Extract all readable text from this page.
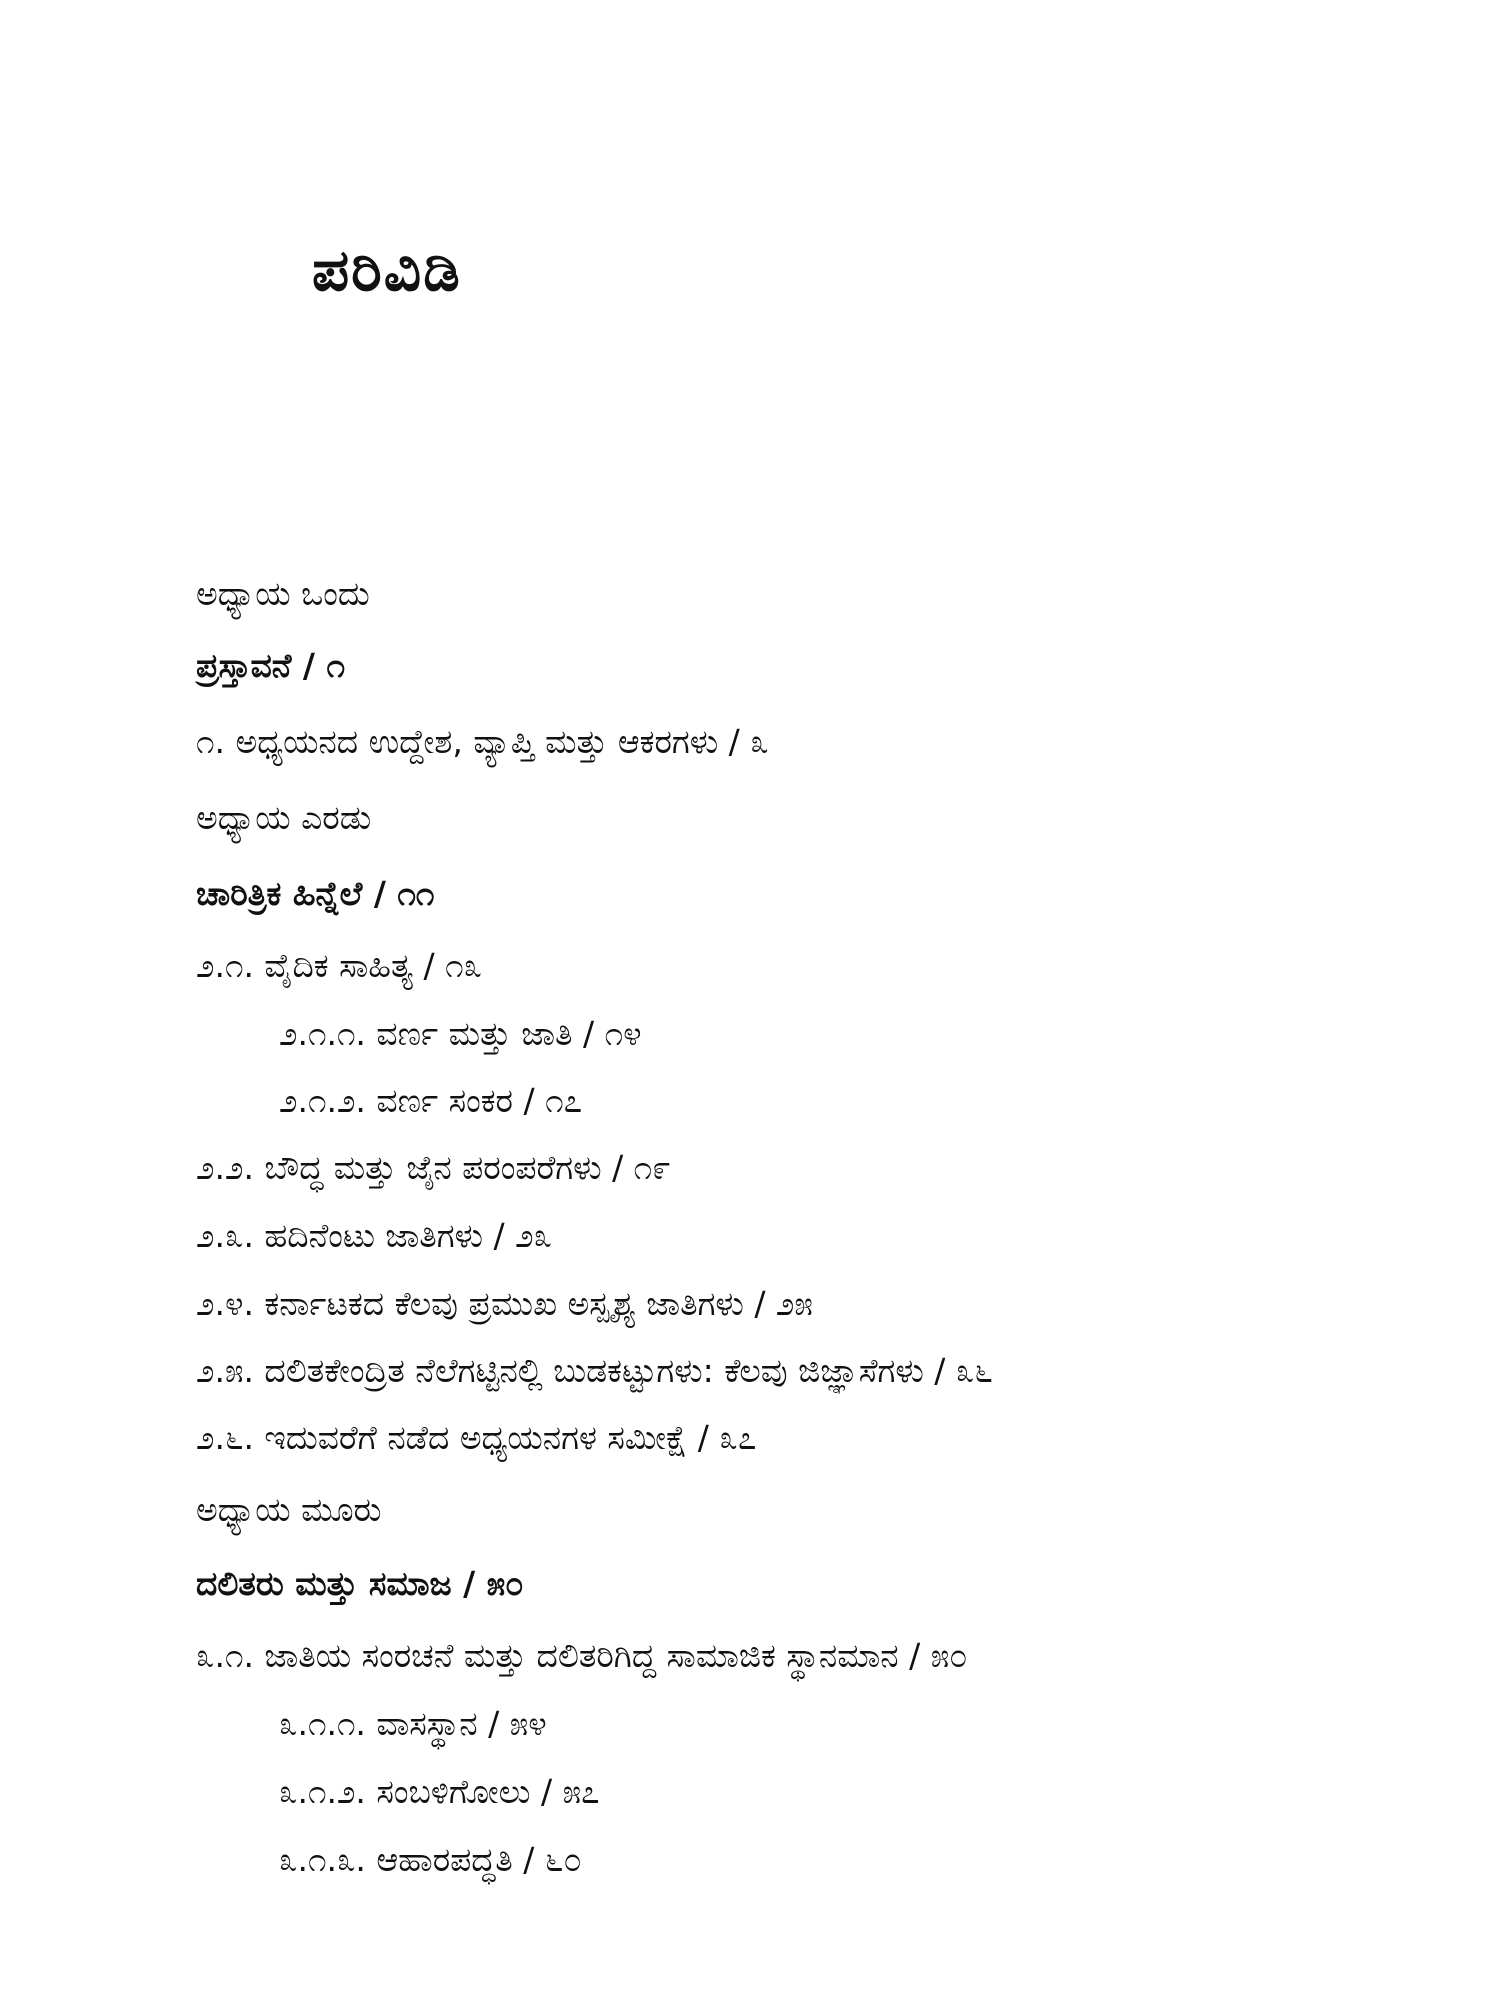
ಪರಿವಿಡಿ
ಅಧ್ಯಾಯ ಒಂದು
ಪ್ರಸ್ತಾವನೆ / ೧
೧. ಅಧ್ಯಯನದ ಉದ್ದೇಶ, ವ್ಯಾಪ್ತಿ ಮತ್ತು ಆಕರಗಳು / ೩
ಅಧ್ಯಾಯ ಎರಡು
ಚಾರಿತ್ರಿಕ ಹಿನ್ನೆಲೆ / ೧೧
೨.೧. ವೈದಿಕ ಸಾಹಿತ್ಯ / ೧೩
೨.೧.೧. ವರ್ಣ ಮತ್ತು ಜಾತಿ / ೧೪
೨.೧.೨. ವರ್ಣ ಸಂಕರ / ೧೭
೨.೨. ಬೌದ್ಧ ಮತ್ತು ಜೈನ ಪರಂಪರೆಗಳು / ೧೯
೨.೩. ಹದಿನೆಂಟು ಜಾತಿಗಳು / ೨೩
೨.೪. ಕರ್ನಾಟಕದ ಕೆಲವು ಪ್ರಮುಖ ಅಸ್ಪೃಶ್ಯ ಜಾತಿಗಳು / ೨೫
೨.೫. ದಲಿತಕೇಂದ್ರಿತ ನೆಲೆಗಟ್ಟಿನಲ್ಲಿ ಬುಡಕಟ್ಟುಗಳು: ಕೆಲವು ಜಿಜ್ಞಾಸೆಗಳು / ೩೬
೨.೬. ಇದುವರೆಗೆ ನಡೆದ ಅಧ್ಯಯನಗಳ ಸಮೀಕ್ಷೆ / ೩೭
ಅಧ್ಯಾಯ ಮೂರು
ದಲಿತರು ಮತ್ತು ಸಮಾಜ / ೫೦
೩.೧. ಜಾತಿಯ ಸಂರಚನೆ ಮತ್ತು ದಲಿತರಿಗಿದ್ದ ಸಾಮಾಜಿಕ ಸ್ಥಾನಮಾನ / ೫೦
೩.೧.೧. ವಾಸಸ್ಥಾನ / ೫೪
೩.೧.೨. ಸಂಬಳಿಗೋಲು / ೫೭
೩.೧.೩. ಆಹಾರಪದ್ಧತಿ / ೬೦
